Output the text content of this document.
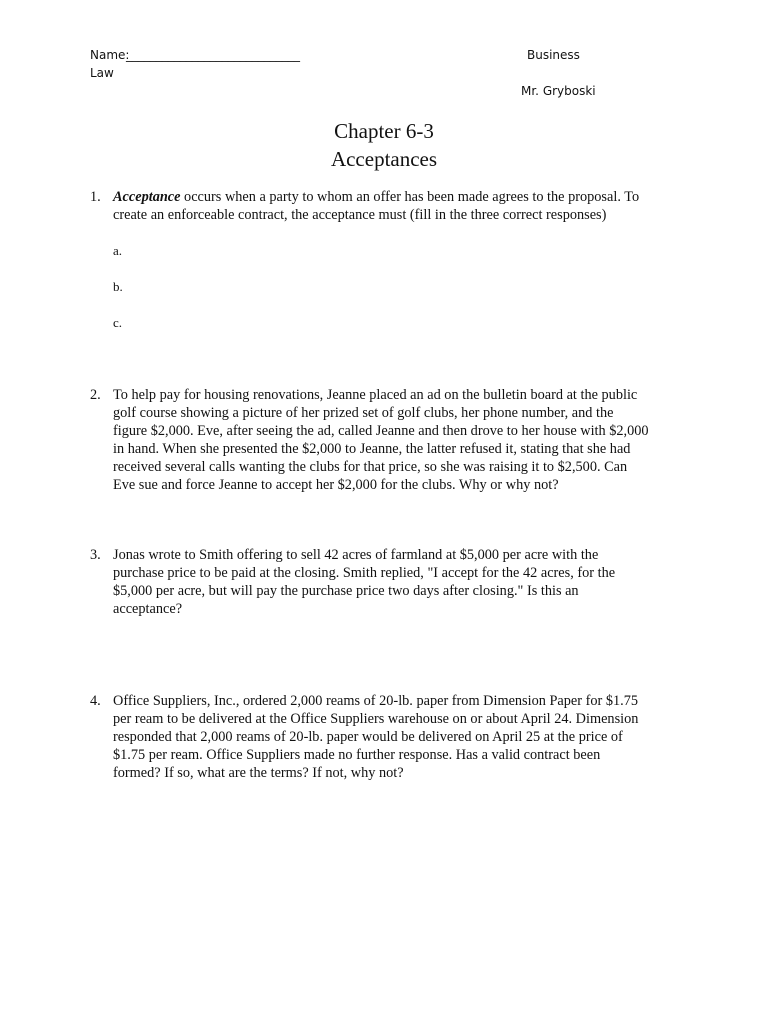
Name:
_____________________________	Business
Law
Mr. Gryboski
Chapter 6-3
Acceptances
1. Acceptance occurs when a party to whom an offer has been made agrees to the proposal. To
create an enforceable contract, the acceptance must (fill in the three correct responses)
a.
b.
c.
2. To help pay for housing renovations, Jeanne placed an ad on the bulletin board at the public
golf course showing a picture of her prized set of golf clubs, her phone number, and the
figure $2,000. Eve, after seeing the ad, called Jeanne and then drove to her house with $2,000
in hand. When she presented the $2,000 to Jeanne, the latter refused it, stating that she had
received several calls wanting the clubs for that price, so she was raising it to $2,500. Can
Eve sue and force Jeanne to accept her $2,000 for the clubs. Why or why not?
3. Jonas wrote to Smith offering to sell 42 acres of farmland at $5,000 per acre with the
purchase price to be paid at the closing. Smith replied, "I accept for the 42 acres, for the
$5,000 per acre, but will pay the purchase price two days after closing." Is this an
acceptance?
4. Office Suppliers, Inc., ordered 2,000 reams of 20-lb. paper from Dimension Paper for $1.75
per ream to be delivered at the Office Suppliers warehouse on or about April 24. Dimension
responded that 2,000 reams of 20-lb. paper would be delivered on April 25 at the price of
$1.75 per ream. Office Suppliers made no further response. Has a valid contract been
formed? If so, what are the terms? If not, why not?
